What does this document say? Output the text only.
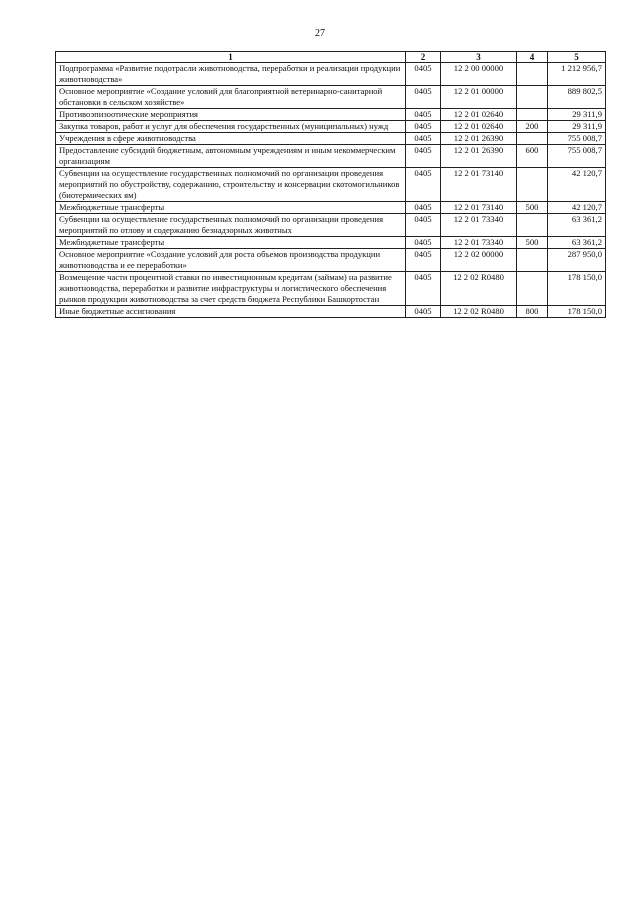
27
1	2	3	4	5
Подпрограмма «Развитие подотрасли животноводства, переработки и реализации продукции животноводства»	0405	12 2 00 00000		1 212 956,7
Основное мероприятие «Создание условий для благоприятной ветеринарно-санитарной обстановки в сельском хозяйстве»	0405	12 2 01 00000		889 802,5
Противоэпизоотические мероприятия	0405	12 2 01 02640		29 311,9
Закупка товаров, работ и услуг для обеспечения государственных (муниципальных) нужд	0405	12 2 01 02640	200	29 311,9
Учреждения в сфере животноводства	0405	12 2 01 26390		755 008,7
Предоставление субсидий бюджетным, автономным учреждениям и иным некоммерческим организациям	0405	12 2 01 26390	600	755 008,7
Субвенции на осуществление государственных полномочий по организации проведения мероприятий по обустройству, содержанию, строительству и консервации скотомогильников (биотермических ям)	0405	12 2 01 73140		42 120,7
Межбюджетные трансферты	0405	12 2 01 73140	500	42 120,7
Субвенции на осуществление государственных полномочий по организации проведения мероприятий по отлову и содержанию безнадзорных животных	0405	12 2 01 73340		63 361,2
Межбюджетные трансферты	0405	12 2 01 73340	500	63 361,2
Основное мероприятие «Создание условий для роста объемов производства продукции животноводства и ее переработки»	0405	12 2 02 00000		287 950,0
Возмещение части процентной ставки по инвестиционным кредитам (займам) на развитие животноводства, переработки и развитие инфраструктуры и логистического обеспечения рынков продукции животноводства за счет средств бюджета Республики Башкортостан	0405	12 2 02 R0480		178 150,0
Иные бюджетные ассигнования	0405	12 2 02 R0480	800	178 150,0
